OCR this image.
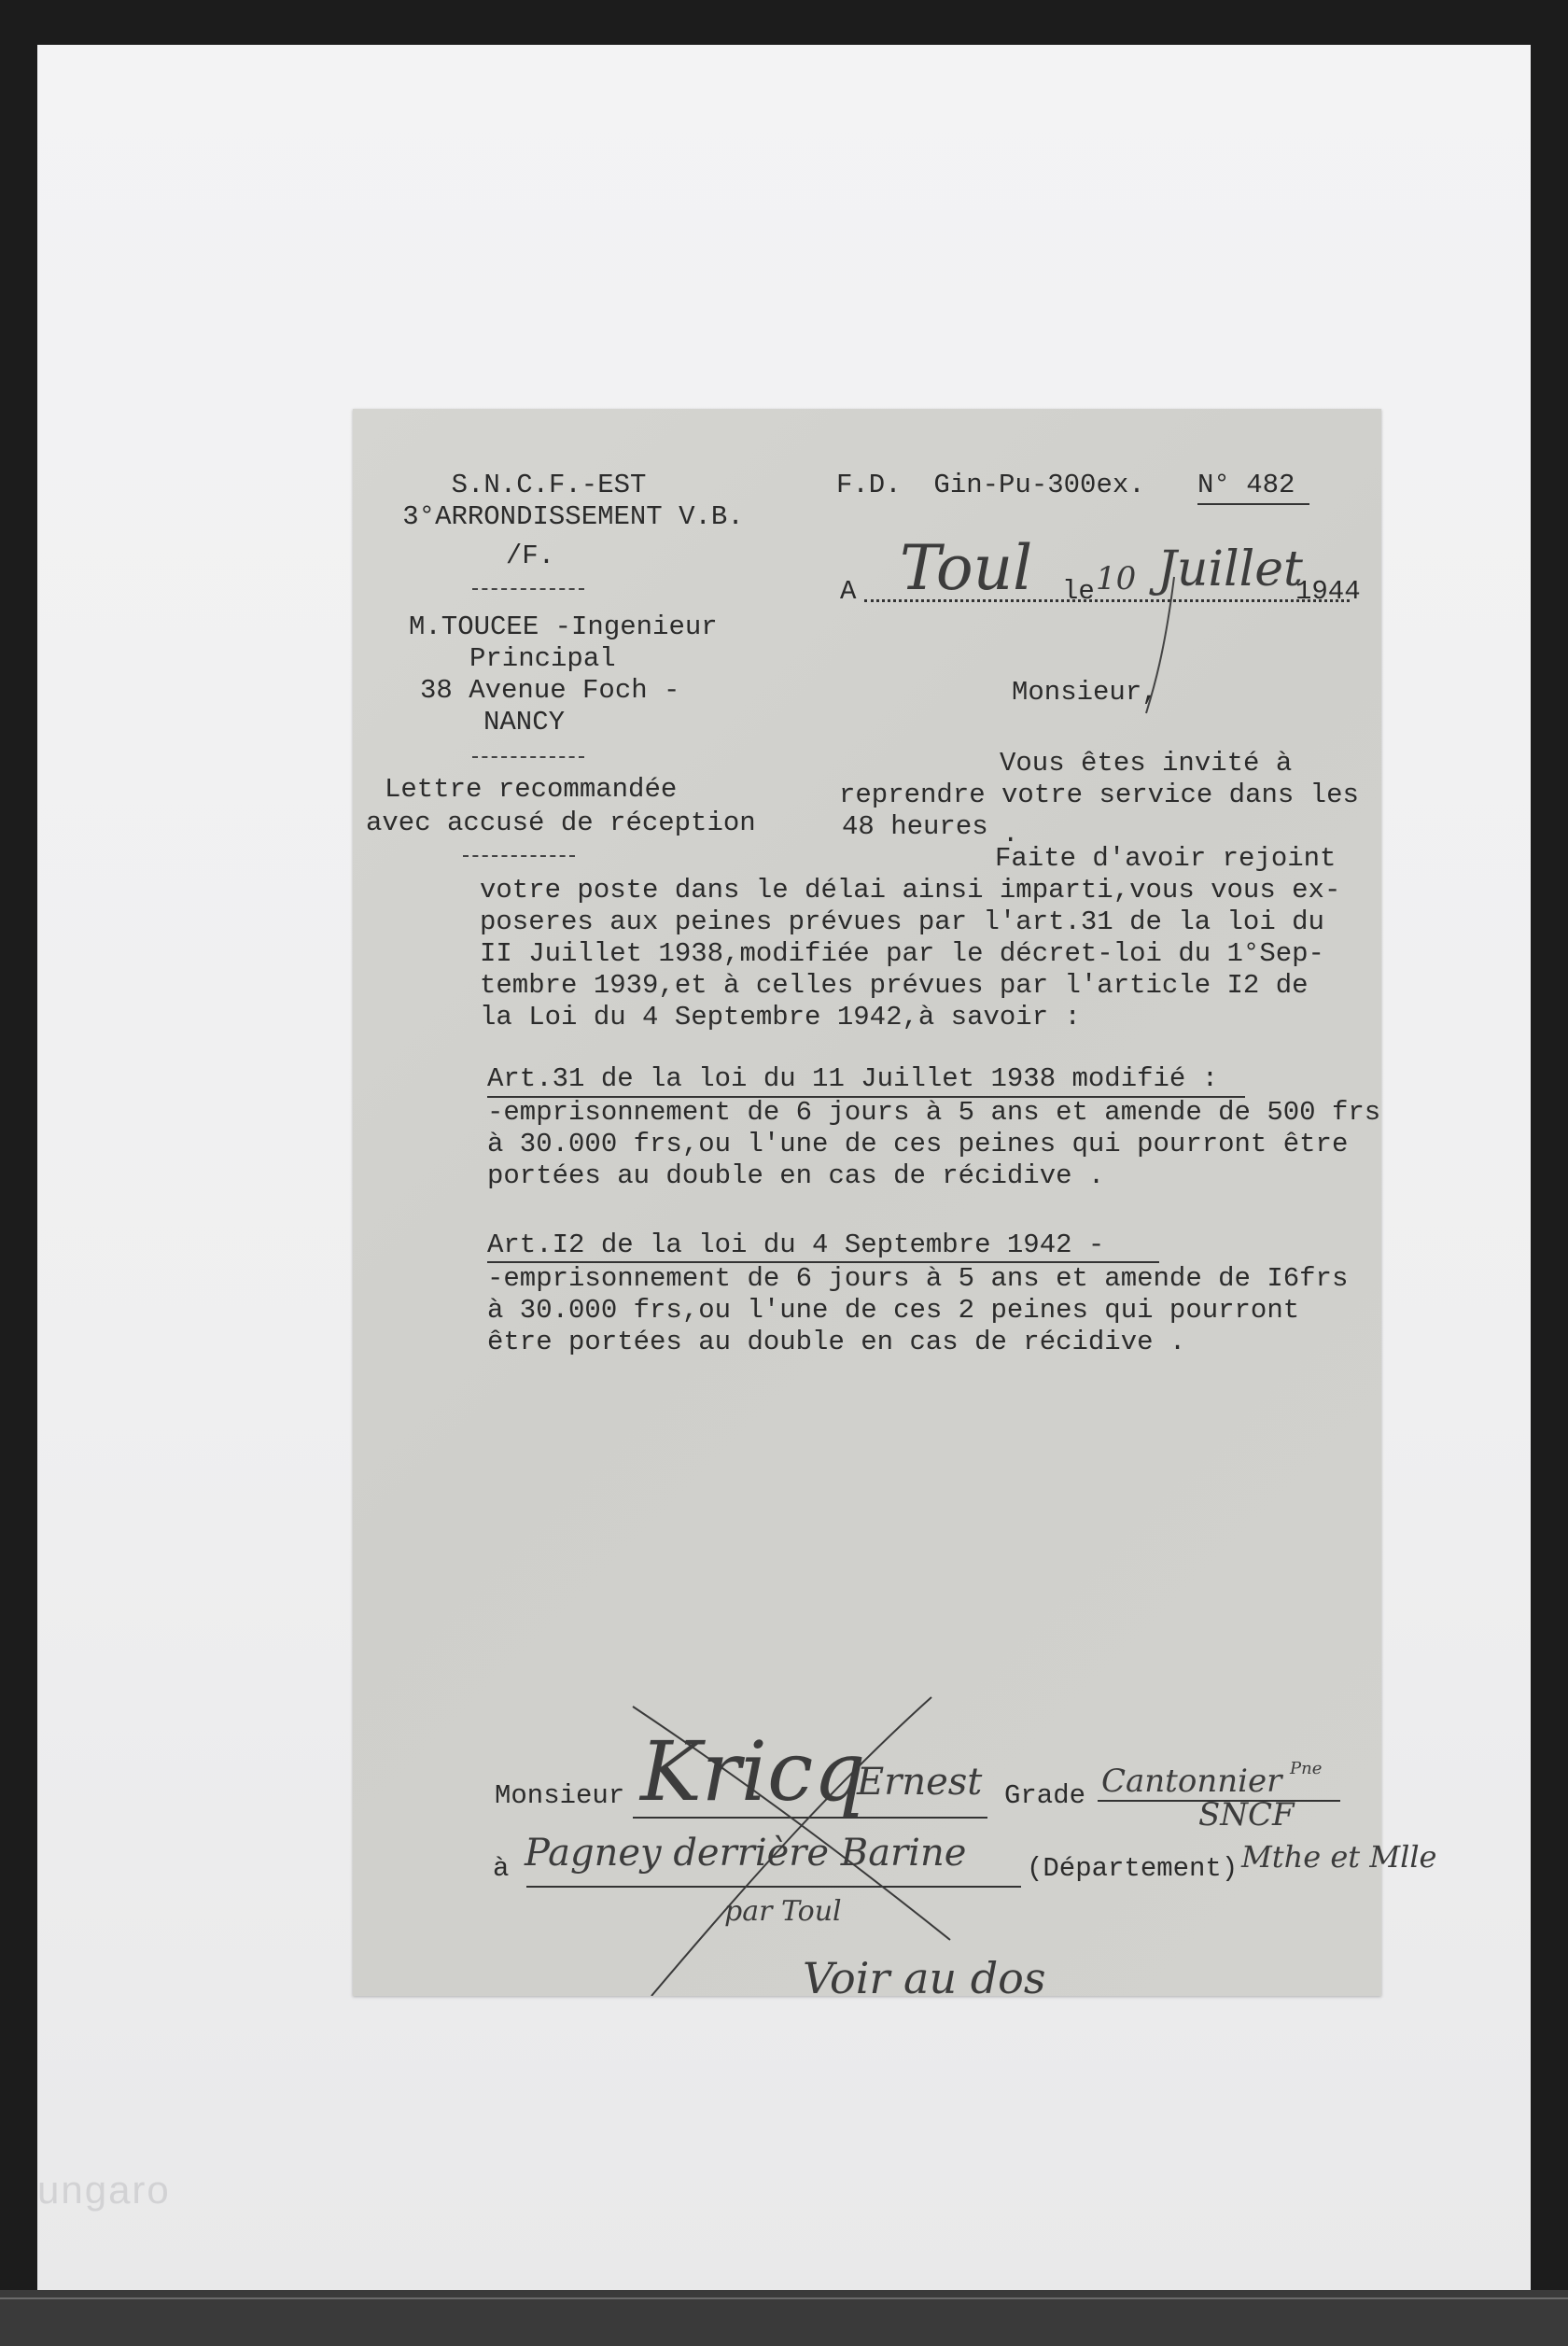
ungaro
S.N.C.F.-EST
3°ARRONDISSEMENT V.B.
/F.
M.TOUCEE -Ingenieur
Principal
38 Avenue Foch -
NANCY
Lettre recommandée
avec accusé de réception
F.D.  Gin-Pu-300ex. N° 482
A Toul le 10 Juillet
1944
Monsieur,
Vous êtes invité à
reprendre votre service dans les
48 heures .
Faite d'avoir rejoint
votre poste dans le délai ainsi imparti,vous vous ex-
poseres aux peines prévues par l'art.31 de la loi du
II Juillet 1938,modifiée par le décret-loi du 1°Sep-
tembre 1939,et à celles prévues par l'article I2 de
la Loi du 4 Septembre 1942,à savoir :
Art.31 de la loi du 11 Juillet 1938 modifié :
-emprisonnement de 6 jours à 5 ans et amende de 500 frs
à 30.000 frs,ou l'une de ces peines qui pourront être
portées au double en cas de récidive .
Art.I2 de la loi du 4 Septembre 1942 -
-emprisonnement de 6 jours à 5 ans et amende de I6frs
à 30.000 frs,ou l'une de ces 2 peines qui pourront
être portées au double en cas de récidive .
Monsieur Kricq
Ernest Grade Cantonnier Pne
SNCF
à Pagney derrière Barine (Département) Mthe et Mlle
par Toul
Voir au dos
